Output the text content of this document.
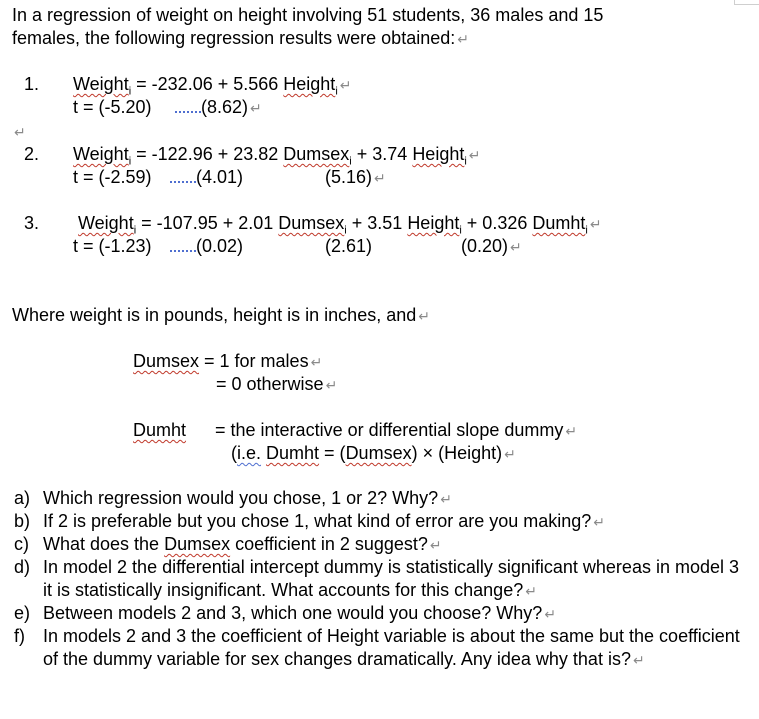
In a regression of weight on height involving 51 students, 36 males and 15
females, the following regression results were obtained: ↵
1. Weight$_i$ = -232.06 + 5.566 Height$_i$ ↵
t = (-5.20)	(8.62) ↵
↵
2. Weight$_i$ = -122.96 + 23.82 Dumsex$_i$ + 3.74 Height$_i$ ↵
t = (-2.59)	(4.01)	(5.16) ↵
3. Weight$_i$ = -107.95 + 2.01 Dumsex$_i$ + 3.51 Height$_i$ + 0.326 Dumht$_i$ ↵
t = (-1.23)	(0.02)	(2.61)	(0.20) ↵
Where weight is in pounds, height is in inches, and ↵
Dumsex = 1 for males ↵
= 0 otherwise ↵
Dumht = the interactive or differential slope dummy ↵
(i.e. Dumht = (Dumsex) × (Height) ↵
a) Which regression would you chose, 1 or 2? Why? ↵
b) If 2 is preferable but you chose 1, what kind of error are you making? ↵
c) What does the Dumsex coefficient in 2 suggest? ↵
d) In model 2 the differential intercept dummy is statistically significant whereas in model 3 it is statistically insignificant. What accounts for this change? ↵
e) Between models 2 and 3, which one would you choose? Why? ↵
f) In models 2 and 3 the coefficient of Height variable is about the same but the coefficient of the dummy variable for sex changes dramatically. Any idea why that is? ↵
